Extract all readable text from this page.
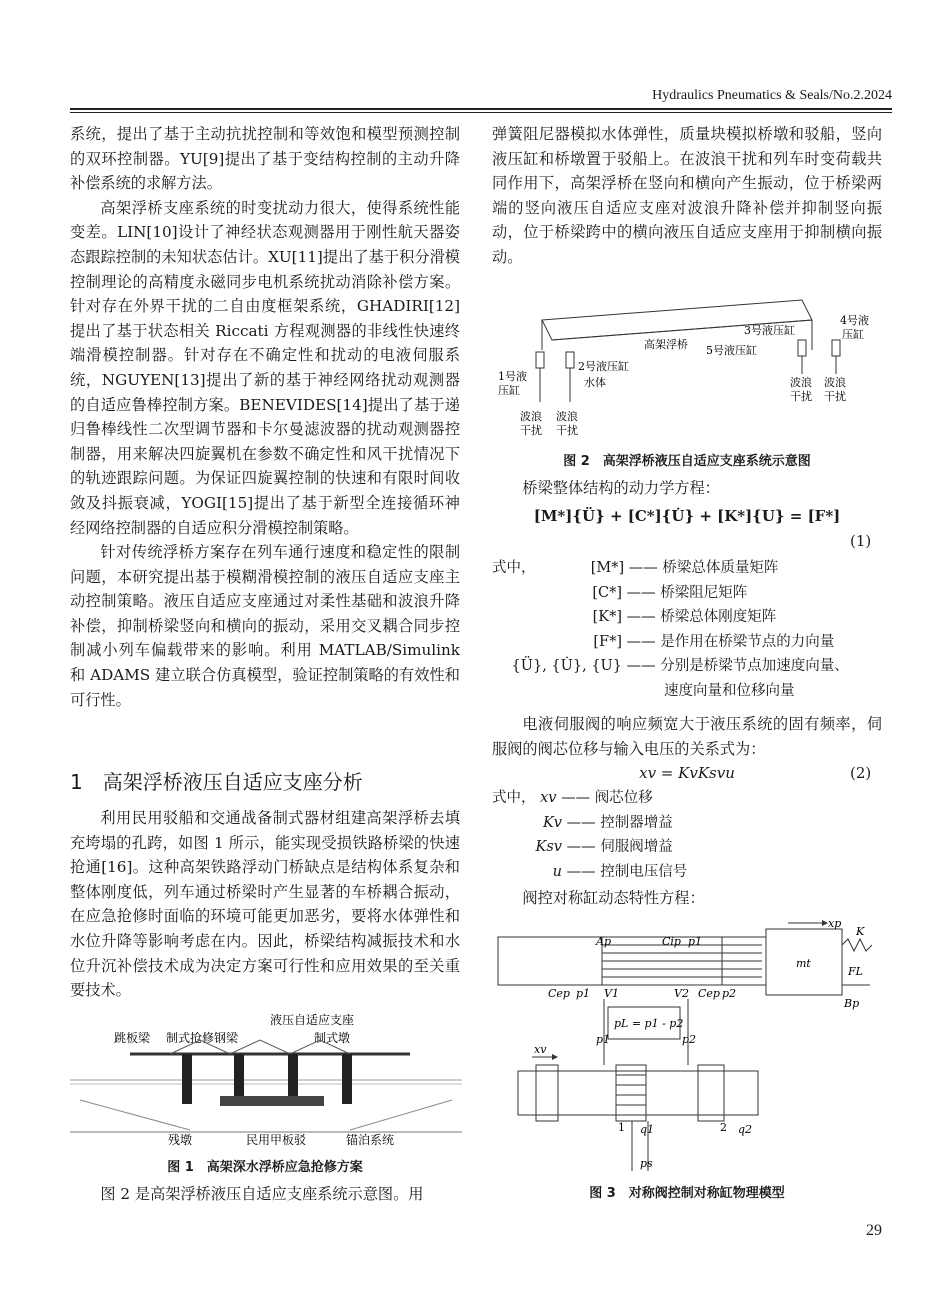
Hydraulics Pneumatics & Seals/No.2.2024

系统，提出了基于主动抗扰控制和等效饱和模型预测控制的双环控制器。YU[9]提出了基于变结构控制的主动升降补偿系统的求解方法。

高架浮桥支座系统的时变扰动力很大，使得系统性能变差。LIN[10]设计了神经状态观测器用于刚性航天器姿态跟踪控制的未知状态估计。XU[11]提出了基于积分滑模控制理论的高精度永磁同步电机系统扰动消除补偿方案。针对存在外界干扰的二自由度框架系统，GHADIRI[12]提出了基于状态相关 Riccati 方程观测器的非线性快速终端滑模控制器。针对存在不确定性和扰动的电液伺服系统，NGUYEN[13]提出了新的基于神经网络扰动观测器的自适应鲁棒控制方案。BENEVIDES[14]提出了基于递归鲁棒线性二次型调节器和卡尔曼滤波器的扰动观测器控制器，用来解决四旋翼机在参数不确定性和风干扰情况下的轨迹跟踪问题。为保证四旋翼控制的快速和有限时间收敛及抖振衰减，YOGI[15]提出了基于新型全连接循环神经网络控制器的自适应积分滑模控制策略。

针对传统浮桥方案存在列车通行速度和稳定性的限制问题，本研究提出基于模糊滑模控制的液压自适应支座主动控制策略。液压自适应支座通过对柔性基础和波浪升降补偿，抑制桥梁竖向和横向的振动，采用交叉耦合同步控制减小列车偏载带来的影响。利用 MATLAB/Simulink 和 ADAMS 建立联合仿真模型，验证控制策略的有效性和可行性。

1　高架浮桥液压自适应支座分析

利用民用驳船和交通战备制式器材组建高架浮桥去填充垮塌的孔跨，如图 1 所示，能实现受损铁路桥梁的快速抢通[16]。这种高架铁路浮动门桥缺点是结构体系复杂和整体刚度低，列车通过桥梁时产生显著的车桥耦合振动，在应急抢修时面临的环境可能更加恶劣，要将水体弹性和水位升降等影响考虑在内。因此，桥梁结构减振技术和水位升沉补偿技术成为决定方案可行性和应用效果的至关重要技术。

液压自适应支座
跳板梁 制式抢修钢梁	制式墩
残墩	民用甲板驳	锚泊系统
图 1　高架深水浮桥应急抢修方案

图 2 是高架浮桥液压自适应支座系统示意图。用

弹簧阻尼器模拟水体弹性，质量块模拟桥墩和驳船，竖向液压缸和桥墩置于驳船上。在波浪干扰和列车时变荷载共同作用下，高架浮桥在竖向和横向产生振动，位于桥梁两端的竖向液压自适应支座对波浪升降补偿并抑制竖向振动，位于桥梁跨中的横向液压自适应支座用于抑制横向振动。

高架浮桥
1号液
压缸
2号液压缸
水体
3号液压缸
4号液
压缸
5号液压缸
波浪
干扰
波浪
干扰
波浪
干扰
波浪
干扰
图 2　高架浮桥液压自适应支座系统示意图

桥梁整体结构的动力学方程：

[M*]{Ü} + [C*]{U̇} + [K*]{U} = [F*]
(1)
式中，	[M*] —— 桥梁总体质量矩阵
[C*] —— 桥梁阻尼矩阵
[K*] —— 桥梁总体刚度矩阵
[F*] —— 是作用在桥梁节点的力向量
{Ü}, {U̇}, {U} —— 分别是桥梁节点加速度向量、
速度向量和位移向量

电液伺服阀的响应频宽大于液压系统的固有频率，伺服阀的阀芯位移与输入电压的关系式为：

xv = KvKsvu	(2)
式中， xv —— 阀芯位移
Kv —— 控制器增益
Ksv —— 伺服阀增益
u —— 控制电压信号

阀控对称缸动态特性方程：

xp
K
mt
FL
Bp
Ap	Cip p1
Cep p1 V1	V2 Cep p2
pL = p1 - p2
p1	p2
xv
1 q1	2 q2
ps
图 3　对称阀控制对称缸物理模型
29
